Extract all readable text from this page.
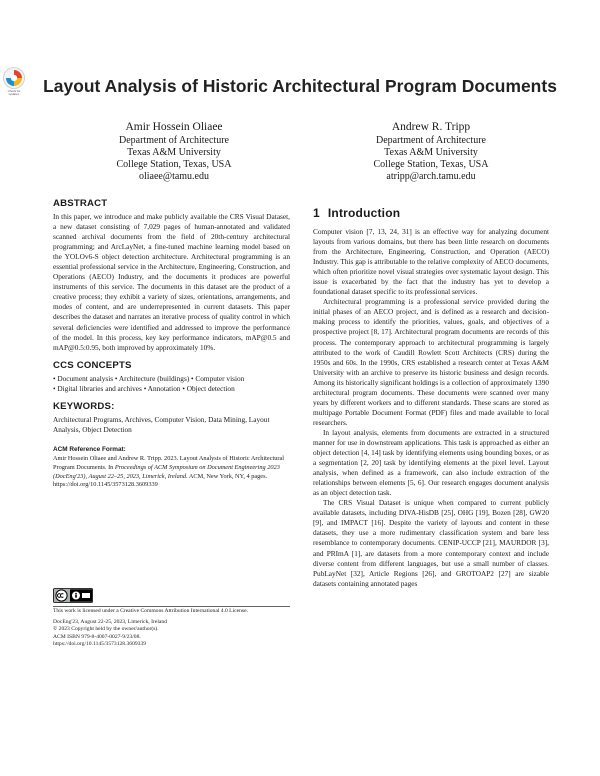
Check for updates	Layout Analysis of Historic Architectural Program Documents
Amir Hossein Oliaee
Department of Architecture
Texas A&M University
College Station, Texas, USA
oliaee@tamu.edu
Andrew R. Tripp
Department of Architecture
Texas A&M University
College Station, Texas, USA
atripp@arch.tamu.edu
ABSTRACT

In this paper, we introduce and make publicly available the CRS Visual Dataset, a new dataset consisting of 7,029 pages of human-annotated and validated scanned archival documents from the field of 20th-century architectural programming; and ArcLayNet, a fine-tuned machine learning model based on the YOLOv6-S object detection architecture. Architectural programming is an essential professional service in the Architecture, Engineering, Construction, and Operations (AECO) Industry, and the documents it produces are powerful instruments of this service. The documents in this dataset are the product of a creative process; they exhibit a variety of sizes, orientations, arrangements, and modes of content, and are underrepresented in current datasets. This paper describes the dataset and narrates an iterative process of quality control in which several deficiencies were identified and addressed to improve the performance of the model. In this process, key key performance indicators, mAP@0.5 and mAP@0.5:0.95, both improved by approximately 10%.

CCS CONCEPTS
• Document analysis • Architecture (buildings) • Computer vision
• Digital libraries and archives • Annotation • Object detection
KEYWORDS:

Architectural Programs, Archives, Computer Vision, Data Mining, Layout Analysis, Object Detection

ACM Reference Format:
Amir Hossein Oliaee and Andrew R. Tripp. 2023. Layout Analysis of Historic Architectural Program Documents. In Proceedings of ACM Symposium on Document Engineering 2023 (DocEng'23), August 22–25, 2023, Limerick, Ireland. ACM, New York, NY, 4 pages. https://doi.org/10.1145/3573128.3609339
This work is licensed under a Creative Commons Attribution International 4.0 License.
DocEng'23, August 22-25, 2023, Limerick, Ireland
© 2023 Copyright held by the owner/author(s).
ACM ISBN 979-8-4007-0027-9/23/08.
https://doi.org/10.1145/3573128.3609339
1 Introduction

Computer vision [7, 13, 24, 31] is an effective way for analyzing document layouts from various domains, but there has been little research on documents from the Architecture, Engineering, Construction, and Operation (AECO) Industry. This gap is attributable to the relative complexity of AECO documents, which often prioritize novel visual strategies over systematic layout design. This issue is exacerbated by the fact that the industry has yet to develop a foundational dataset specific to its professional services.

Architectural programming is a professional service provided during the initial phases of an AECO project, and is defined as a research and decision-making process to identify the priorities, values, goals, and objectives of a prospective project [8, 17]. Architectural program documents are records of this process. The contemporary approach to architectural programming is largely attributed to the work of Caudill Rowlett Scott Architects (CRS) during the 1950s and 60s. In the 1990s, CRS established a research center at Texas A&M University with an archive to preserve its historic business and design records. Among its historically significant holdings is a collection of approximately 1390 architectural program documents. These documents were scanned over many years by different workers and to different standards. These scans are stored as multipage Portable Document Format (PDF) files and made available to local researchers.

In layout analysis, elements from documents are extracted in a structured manner for use in downstream applications. This task is approached as either an object detection [4, 14] task by identifying elements using bounding boxes, or as a segmentation [2, 20] task by identifying elements at the pixel level. Layout analysis, when defined as a framework, can also include extraction of the relationships between elements [5, 6]. Our research engages document analysis as an object detection task.

The CRS Visual Dataset is unique when compared to current publicly available datasets, including DIVA-HisDB [25], OHG [19], Bozen [28], GW20 [9], and IMPACT [16]. Despite the variety of layouts and content in these datasets, they use a more rudimentary classification system and bare less resemblance to contemporary documents. CENIP-UCCP [21], MAURDOR [3], and PRImA [1], are datasets from a more contemporary context and include diverse content from different languages, but use a small number of classes. PubLayNet [32], Article Regions [26], and GROTOAP2 [27] are sizable datasets containing annotated pages
